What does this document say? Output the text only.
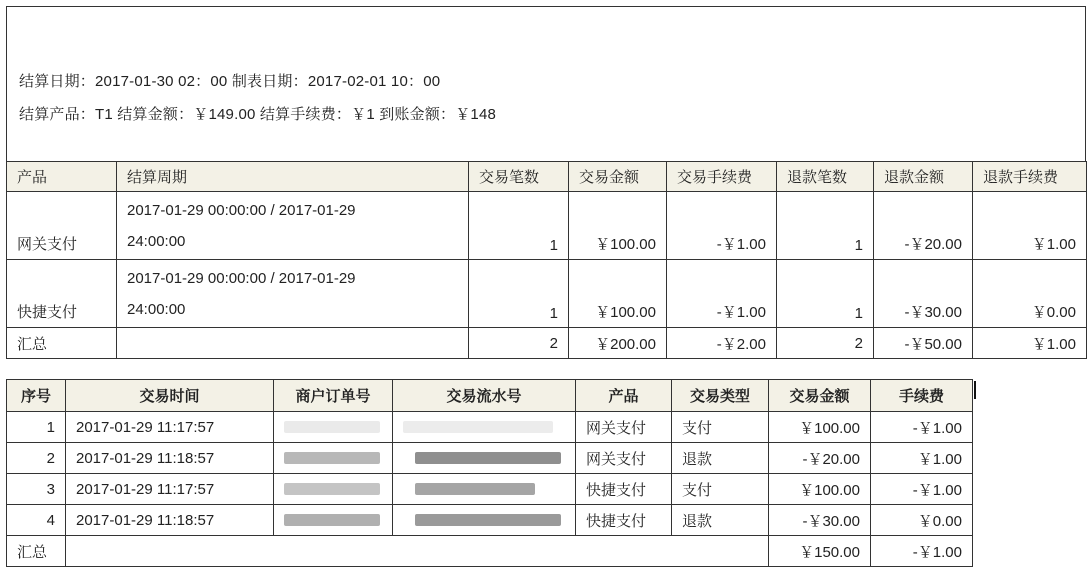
结算日期：2017-01-30 02：00 制表日期：2017-02-01 10：00
结算产品：T1 结算金额：￥149.00 结算手续费：￥1 到账金额：￥148
产品	结算周期	交易笔数	交易金额	交易手续费	退款笔数	退款金额	退款手续费
网关支付	2017-01-29 00:00:00 / 2017-01-29
24:00:00	1	￥100.00	-￥1.00	1	-￥20.00	￥1.00
快捷支付	2017-01-29 00:00:00 / 2017-01-29
24:00:00	1	￥100.00	-￥1.00	1	-￥30.00	￥0.00
汇总		2	￥200.00	-￥2.00	2	-￥50.00	￥1.00
序号	交易时间	商户订单号	交易流水号	产品	交易类型	交易金额	手续费
1	2017-01-29 11:17:57			网关支付	支付	￥100.00	-￥1.00
2	2017-01-29 11:18:57			网关支付	退款	-￥20.00	￥1.00
3	2017-01-29 11:17:57			快捷支付	支付	￥100.00	-￥1.00
4	2017-01-29 11:18:57			快捷支付	退款	-￥30.00	￥0.00
汇总						￥150.00	-￥1.00
